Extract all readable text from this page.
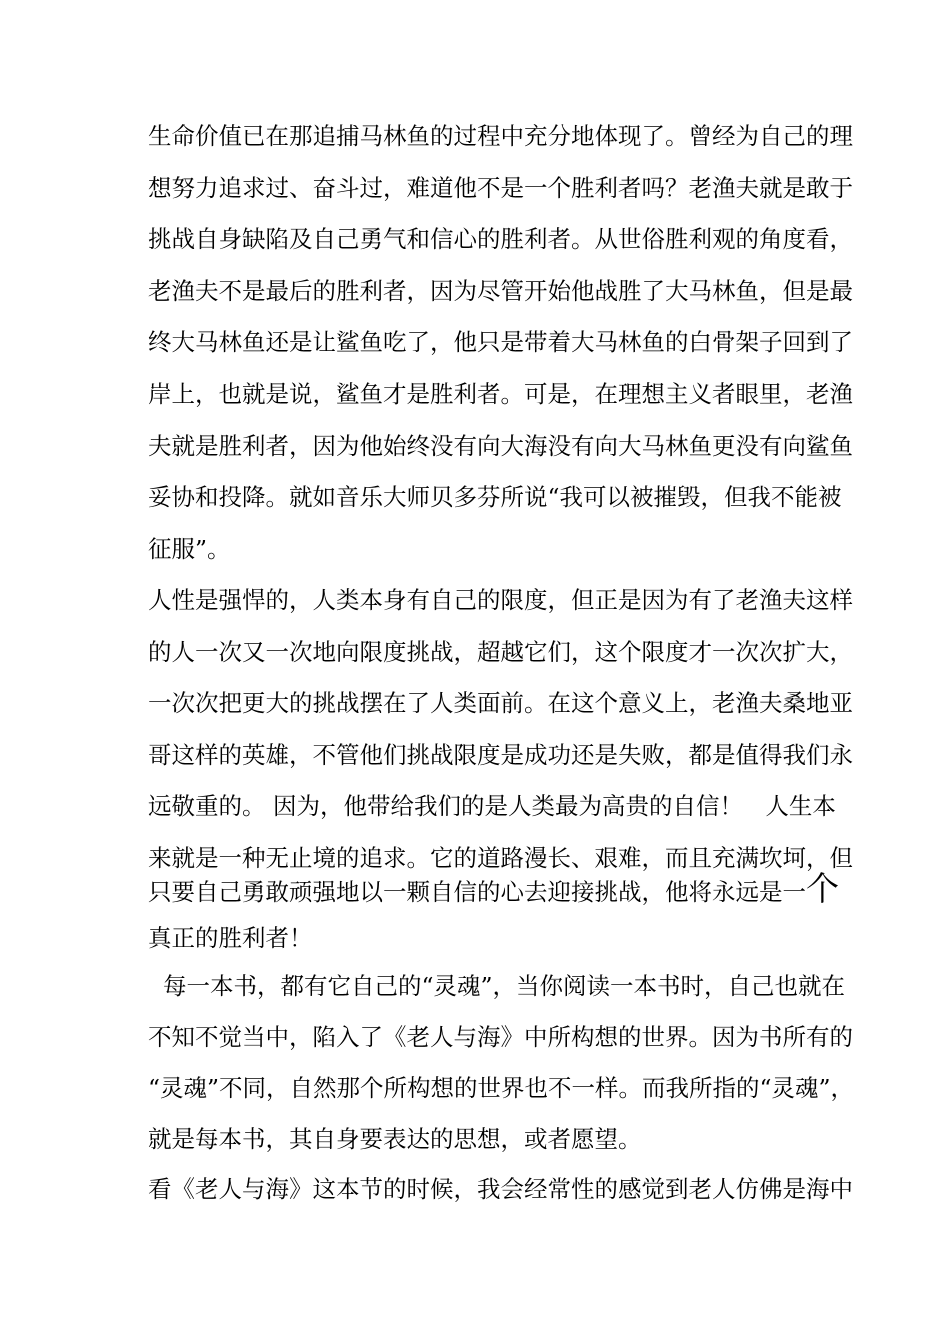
生命价值已在那追捕马林鱼的过程中充分地体现了。曾经为自己的理

想努力追求过、奋斗过，难道他不是一个胜利者吗？老渔夫就是敢于

挑战自身缺陷及自己勇气和信心的胜利者。从世俗胜利观的角度看，

老渔夫不是最后的胜利者，因为尽管开始他战胜了大马林鱼，但是最

终大马林鱼还是让鲨鱼吃了，他只是带着大马林鱼的白骨架子回到了

岸上，也就是说，鲨鱼才是胜利者。可是，在理想主义者眼里，老渔

夫就是胜利者，因为他始终没有向大海没有向大马林鱼更没有向鲨鱼

妥协和投降。就如音乐大师贝多芬所说“我可以被摧毁，但我不能被

征服”。

人性是强悍的，人类本身有自己的限度，但正是因为有了老渔夫这样

的人一次又一次地向限度挑战，超越它们，这个限度才一次次扩大，

一次次把更大的挑战摆在了人类面前。在这个意义上，老渔夫桑地亚

哥这样的英雄，不管他们挑战限度是成功还是失败，都是值得我们永

远敬重的。 因为，他带给我们的是人类最为高贵的自信！   人生本

来就是一种无止境的追求。它的道路漫长、艰难，而且充满坎坷，但

只要自己勇敢顽强地以一颗自信的心去迎接挑战，他将永远是一个

真正的胜利者！

每一本书，都有它自己的“灵魂”，当你阅读一本书时，自己也就在

不知不觉当中，陷入了《老人与海》中所构想的世界。因为书所有的

“灵魂”不同，自然那个所构想的世界也不一样。而我所指的“灵魂”，

就是每本书，其自身要表达的思想，或者愿望。

看《老人与海》这本节的时候，我会经常性的感觉到老人仿佛是海中
